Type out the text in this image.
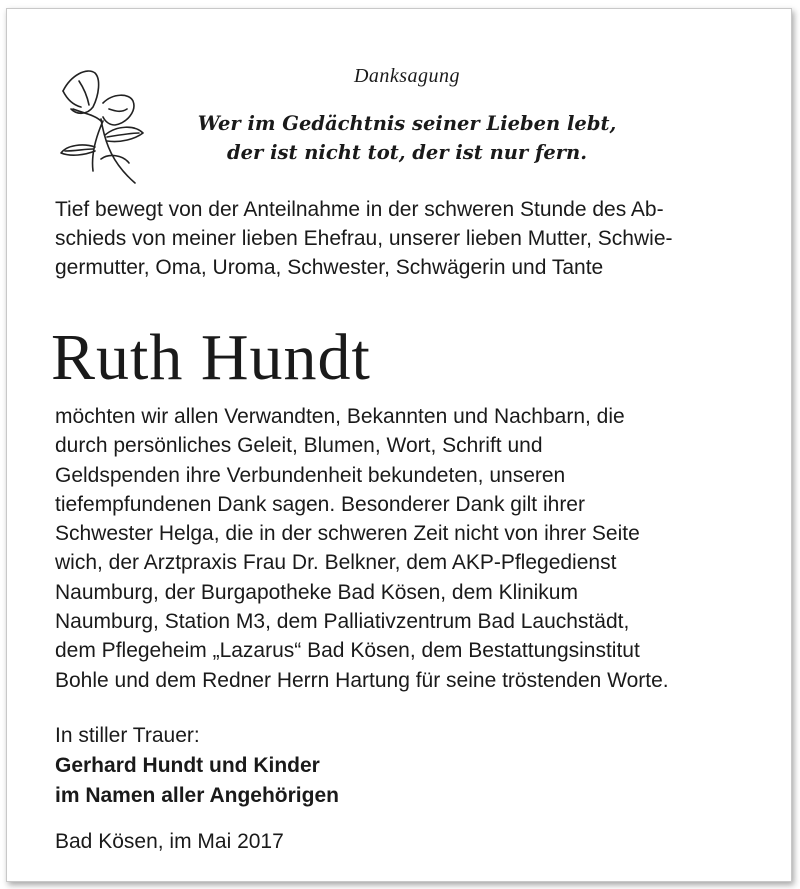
Danksagung
Wer im Gedächtnis seiner Lieben lebt,
der ist nicht tot, der ist nur fern.
Tief bewegt von der Anteilnahme in der schweren Stunde des Ab-
schieds von meiner lieben Ehefrau, unserer lieben Mutter, Schwie-
germutter, Oma, Uroma, Schwester, Schwägerin und Tante
Ruth Hundt
möchten wir allen Verwandten, Bekannten und Nachbarn, die
durch persönliches Geleit, Blumen, Wort, Schrift und
Geldspenden ihre Verbundenheit bekundeten, unseren
tiefempfundenen Dank sagen. Besonderer Dank gilt ihrer
Schwester Helga, die in der schweren Zeit nicht von ihrer Seite
wich, der Arztpraxis Frau Dr. Belkner, dem AKP-Pflegedienst
Naumburg, der Burgapotheke Bad Kösen, dem Klinikum
Naumburg, Station M3, dem Palliativzentrum Bad Lauchstädt,
dem Pflegeheim „Lazarus“ Bad Kösen, dem Bestattungsinstitut
Bohle und dem Redner Herrn Hartung für seine tröstenden Worte.
In stiller Trauer:
Gerhard Hundt und Kinder
im Namen aller Angehörigen
Bad Kösen, im Mai 2017
